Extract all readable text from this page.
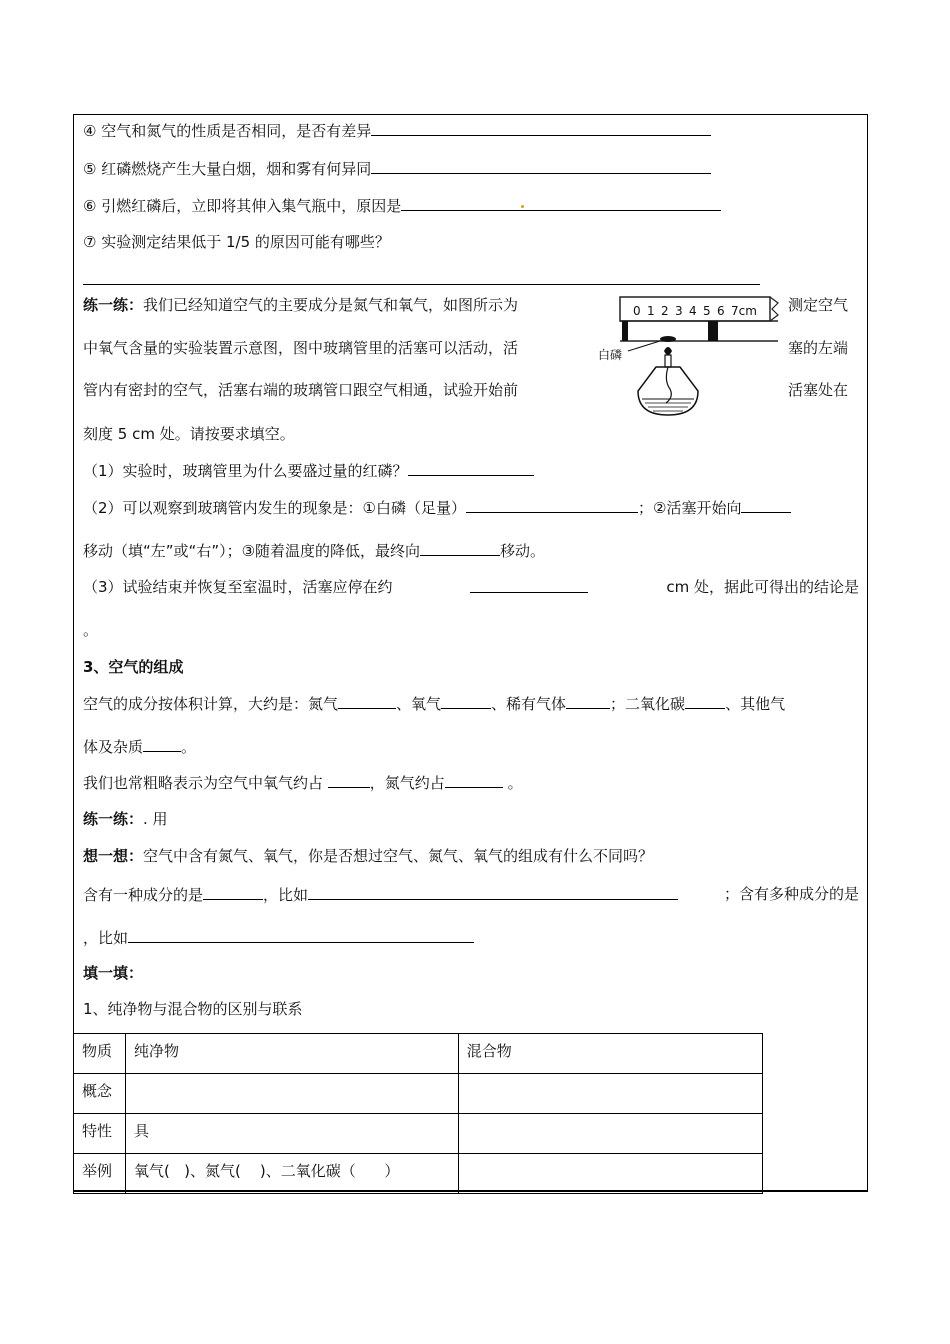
④ 空气和氮气的性质是否相同，是否有差异
⑤ 红磷燃烧产生大量白烟，烟和雾有何异同
⑥ 引燃红磷后，立即将其伸入集气瓶中，原因是
⑦ 实验测定结果低于 1/5 的原因可能有哪些？
练一练：我们已经知道空气的主要成分是氮气和氧气，如图所示为	测定空气
中氧气含量的实验装置示意图，图中玻璃管里的活塞可以活动，活	塞的左端
管内有密封的空气，活塞右端的玻璃管口跟空气相通，试验开始前	活塞处在
刻度 5 cm 处。请按要求填空。
0 1 2 3 4 5 6 7cm
白磷
（1）实验时，玻璃管里为什么要盛过量的红磷？
（2）可以观察到玻璃管内发生的现象是：①白磷（足量）	；②活塞开始向
移动（填“左”或“右”）；③随着温度的降低，最终向	移动。
（3）试验结束并恢复至室温时，活塞应停在约	cm 处，据此可得出的结论是
。
3、空气的组成
空气的成分按体积计算，大约是：氮气	、氧气	、稀有气体	；二氧化碳	、其他气
体及杂质	。
我们也常粗略表示为空气中氧气约占	，氮气约占	。
练一练：. 用
想一想：空气中含有氮气、氧气，你是否想过空气、氮气、氧气的组成有什么不同吗？
含有一种成分的是	，比如	；含有多种成分的是
，比如
填一填：
1、纯净物与混合物的区别与联系
物质	纯净物	混合物
概念		
特性	具	
举例	氧气(   )、氮气(    )、二氧化碳（      ）	
